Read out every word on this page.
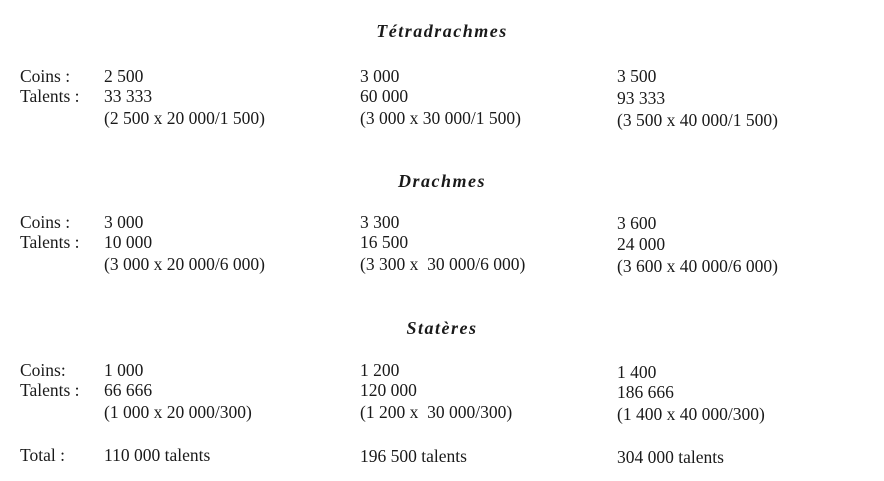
Tétradrachmes
Coins :
Talents :
2 500
33 333
(2 500 x 20 000/1 500)
3 000
60 000
(3 000 x 30 000/1 500)
3 500
93 333
(3 500 x 40 000/1 500)
Drachmes
Coins :
Talents :
3 000
10 000
(3 000 x 20 000/6 000)
3 300
16 500
(3 300 x  30 000/6 000)
3 600
24 000
(3 600 x 40 000/6 000)
Statères
Coins:
Talents :
1 000
66 666
(1 000 x 20 000/300)
1 200
120 000
(1 200 x  30 000/300)
1 400
186 666
(1 400 x 40 000/300)
Total : 110 000 talents	196 500 talents	304 000 talents
